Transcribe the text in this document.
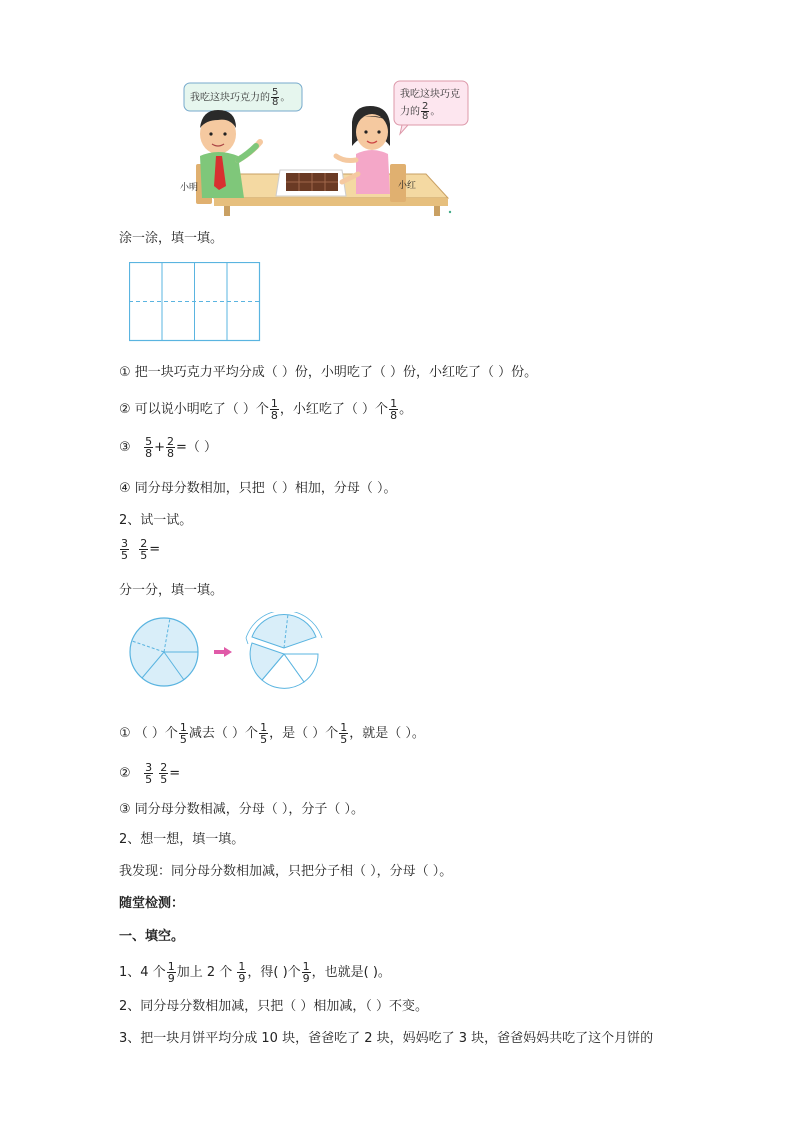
我吃这块巧克力的 $\frac{5}{8}$ 。	我吃这块巧克
力的 $\frac{2}{8}$ 。
小明	小红
涂一涂，填一填。
① 把一块巧克力平均分成（ ）份，小明吃了（ ）份，小红吃了（ ）份。
② 可以说小明吃了（ ）个 $\frac{1}{8}$ ，小红吃了（ ）个 $\frac{1}{8}$ 。
③ $\frac{5}{8} + \frac{2}{8}$ =（ ）
④ 同分母分数相加，只把（ ）相加，分母（ ）。
2、试一试。
$\frac{3}{5}$
$\frac{2}{5}$ =
分一分，填一填。
① （ ）个 $\frac{1}{5}$ 减去（ ）个 $\frac{1}{5}$ ，是（ ）个 $\frac{1}{5}$ ，就是（ ）。
② $\frac{3}{5}$
$\frac{2}{5}$ =
③ 同分母分数相减，分母（ ），分子（ ）。
2、想一想，填一填。
我发现：同分母分数相加减，只把分子相（ ），分母（ ）。
随堂检测：
一、填空。
1、4 个 $\frac{1}{9}$ 加上 2 个 $\frac{1}{9}$ ，得( )个 $\frac{1}{9}$ ，也就是( )。
2、同分母分数相加减，只把（ ）相加减，（ ）不变。
3、把一块月饼平均分成 10 块，爸爸吃了 2 块，妈妈吃了 3 块，爸爸妈妈共吃了这个月饼的
